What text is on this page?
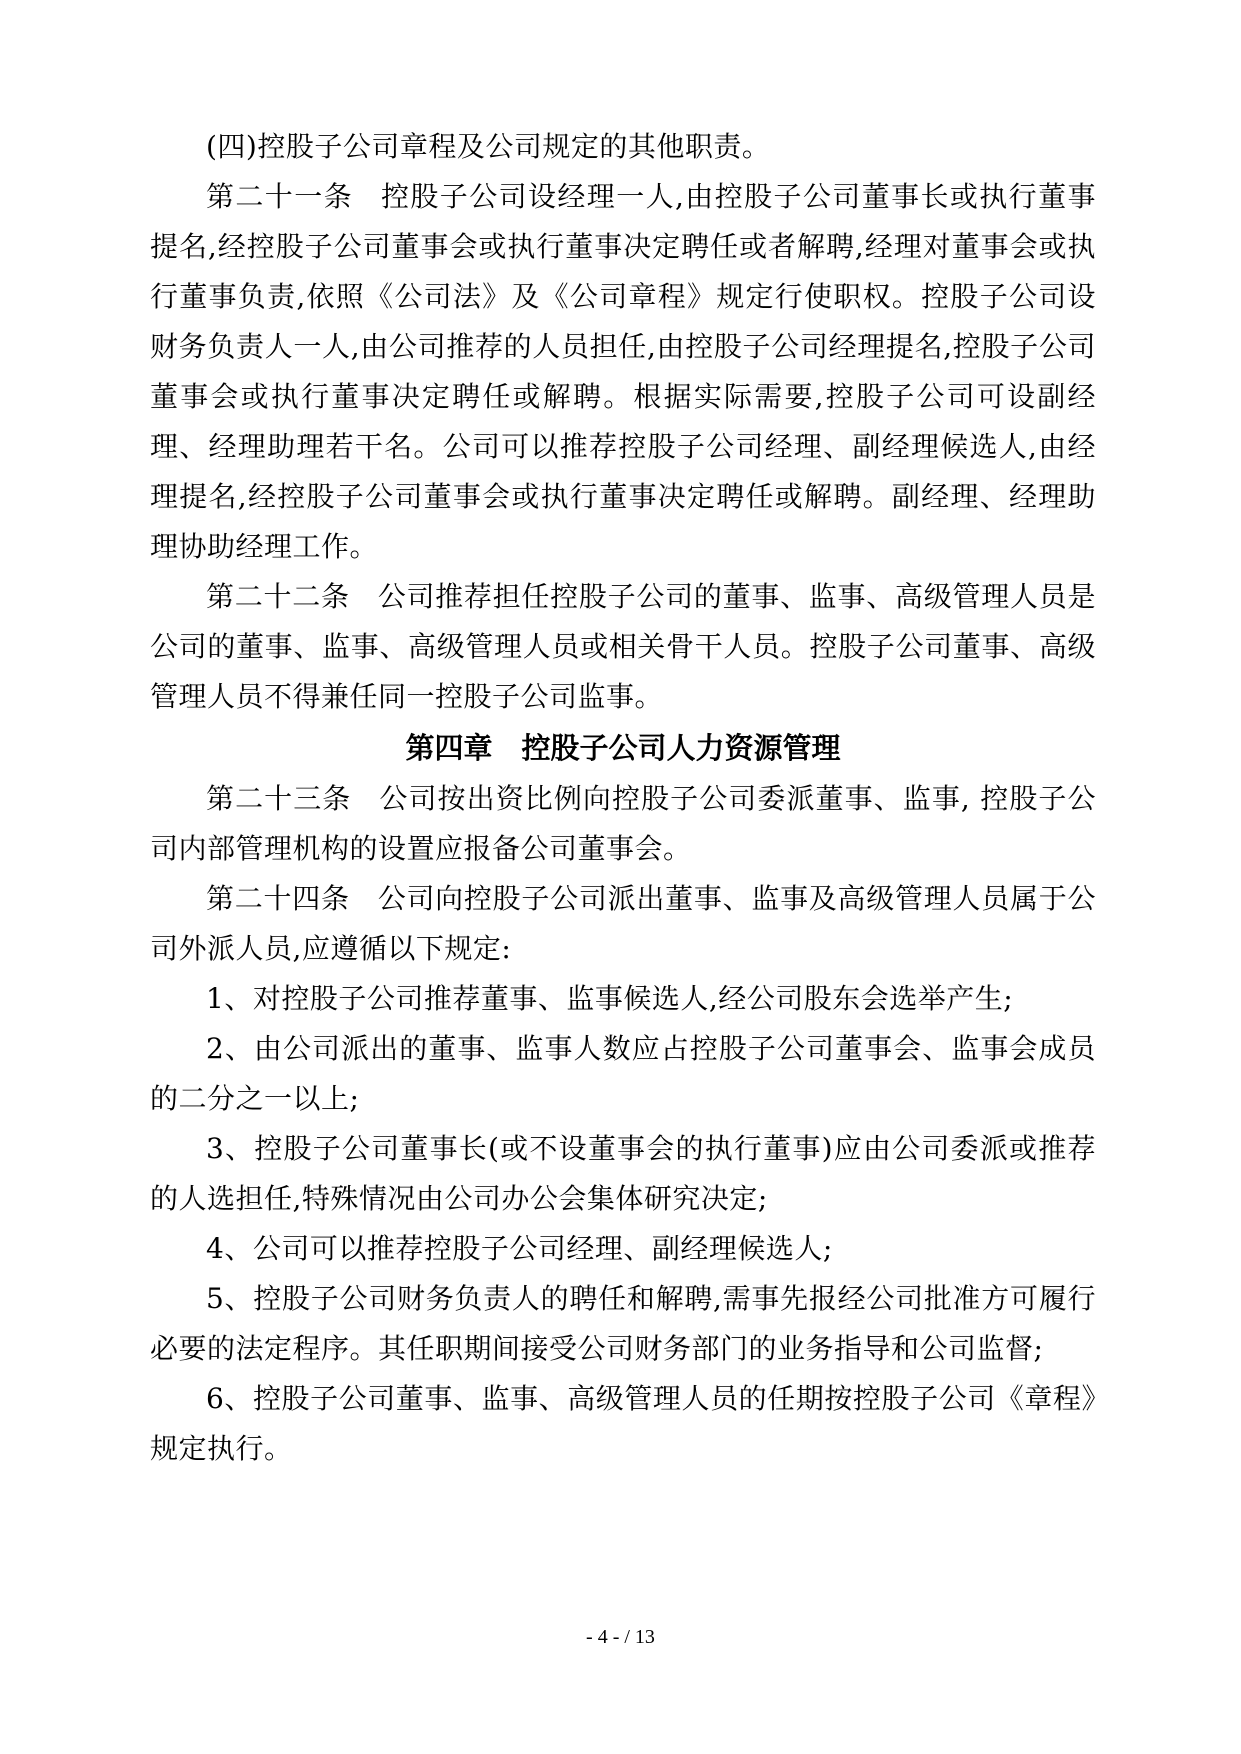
(四)控股子公司章程及公司规定的其他职责。

第二十一条 控股子公司设经理一人,由控股子公司董事长或执行董事提名,经控股子公司董事会或执行董事决定聘任或者解聘,经理对董事会或执行董事负责,依照《公司法》及《公司章程》规定行使职权。控股子公司设财务负责人一人,由公司推荐的人员担任,由控股子公司经理提名,控股子公司董事会或执行董事决定聘任或解聘。根据实际需要,控股子公司可设副经理、经理助理若干名。公司可以推荐控股子公司经理、副经理候选人,由经理提名,经控股子公司董事会或执行董事决定聘任或解聘。副经理、经理助理协助经理工作。

第二十二条 公司推荐担任控股子公司的董事、监事、高级管理人员是公司的董事、监事、高级管理人员或相关骨干人员。控股子公司董事、高级管理人员不得兼任同一控股子公司监事。

第四章 控股子公司人力资源管理

第二十三条 公司按出资比例向控股子公司委派董事、监事, 控股子公司内部管理机构的设置应报备公司董事会。

第二十四条 公司向控股子公司派出董事、监事及高级管理人员属于公司外派人员,应遵循以下规定:

1、对控股子公司推荐董事、监事候选人,经公司股东会选举产生;

2、由公司派出的董事、监事人数应占控股子公司董事会、监事会成员的二分之一以上;

3、控股子公司董事长(或不设董事会的执行董事)应由公司委派或推荐的人选担任,特殊情况由公司办公会集体研究决定;

4、公司可以推荐控股子公司经理、副经理候选人;

5、控股子公司财务负责人的聘任和解聘,需事先报经公司批准方可履行必要的法定程序。其任职期间接受公司财务部门的业务指导和公司监督;

6、控股子公司董事、监事、高级管理人员的任期按控股子公司《章程》规定执行。

- 4 - / 13
